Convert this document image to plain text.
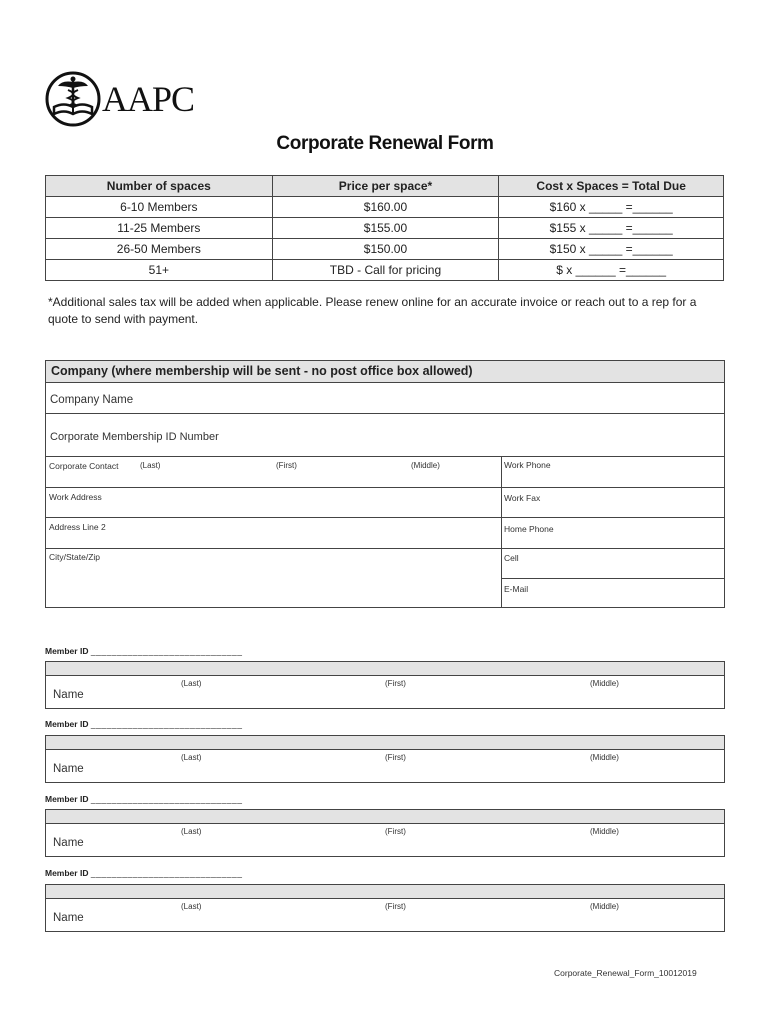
AAPC
Corporate Renewal Form
Number of spaces	Price per space*	Cost x Spaces = Total Due
6-10 Members	$160.00	$160 x _____ =______
11-25 Members	$155.00	$155 x _____ =______
26-50 Members	$150.00	$150 x _____ =______
51+	TBD - Call for pricing	$ x ______ =______
*Additional sales tax will be added when applicable. Please renew online for an accurate invoice or reach out to a rep for a quote to send with payment.
Company (where membership will be sent - no post office box allowed)
Company Name
Corporate Membership ID Number
Corporate Contact	(Last)	(First)	(Middle)
Work Address
Address Line 2
City/State/Zip
Work Phone
Work Fax
Home Phone
Cell
E-Mail
Member ID _____________________________
(Last)	(First)	(Middle)
Name
Member ID _____________________________
(Last)	(First)	(Middle)
Name
Member ID _____________________________
(Last)	(First)	(Middle)
Name
Member ID _____________________________
(Last)	(First)	(Middle)
Name
Corporate_Renewal_Form_10012019
